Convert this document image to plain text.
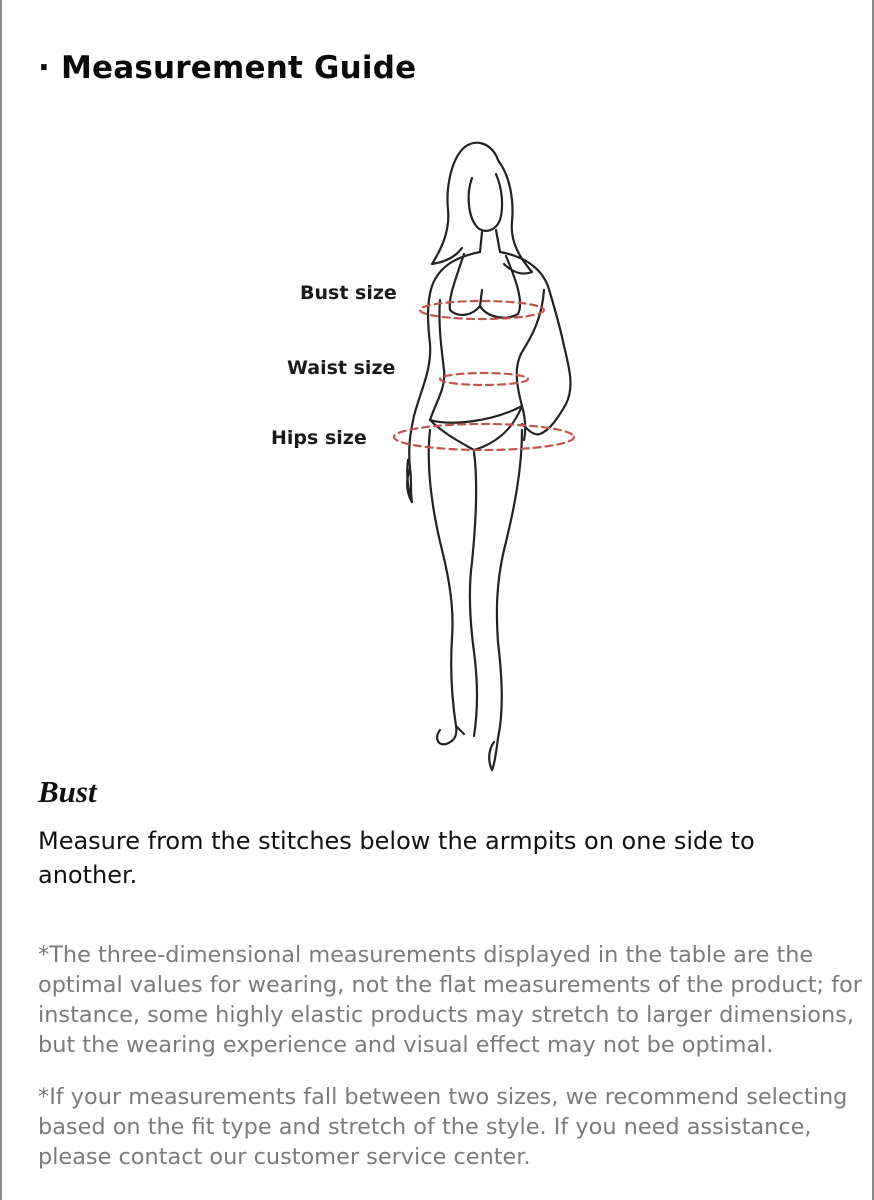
· Measurement Guide
Bust size
Waist size
Hips size
Bust
Measure from the stitches below the armpits on one side to another.
*The three-dimensional measurements displayed in the table are the optimal values for wearing, not the flat measurements of the product; for instance, some highly elastic products may stretch to larger dimensions, but the wearing experience and visual effect may not be optimal.
*If your measurements fall between two sizes, we recommend selecting based on the fit type and stretch of the style. If you need assistance, please contact our customer service center.
